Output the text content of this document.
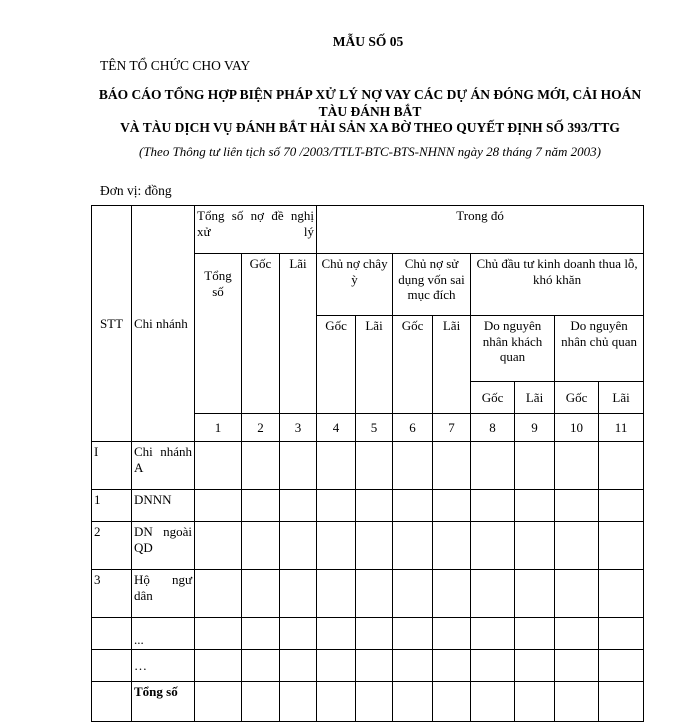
MẪU SỐ 05
TÊN TỔ CHỨC CHO VAY
BÁO CÁO TỔNG HỢP BIỆN PHÁP XỬ LÝ NỢ VAY CÁC DỰ ÁN ĐÓNG MỚI, CẢI HOÁN TÀU ĐÁNH BẮT
VÀ TÀU DỊCH VỤ ĐÁNH BẮT HẢI SẢN XA BỜ THEO QUYẾT ĐỊNH SỐ 393/TTG
(Theo Thông tư liên tịch số 70 /2003/TTLT-BTC-BTS-NHNN ngày 28 tháng 7 năm 2003)
Đơn vị: đồng
STT	Chi nhánh	Tổng số nợ đề nghị xử lý			Trong đó								
		Tổng số	Gốc	Lãi	Chủ nợ chây ỳ		Chủ nợ sử dụng vốn sai mục đích		Chủ đầu tư kinh doanh thua lỗ, khó khăn				
					Gốc	Lãi	Gốc	Lãi	Do nguyên nhân khách quan		Do nguyên nhân chủ quan		
									Gốc	Lãi	Gốc	Lãi	
		1	2	3	4	5	6	7	8	9	10	11		
I	Chi nhánh A												
1	DNNN												
2	DN ngoài QD												
3	Hộ ngư dân												
	...												
	…												
	Tổng số												
